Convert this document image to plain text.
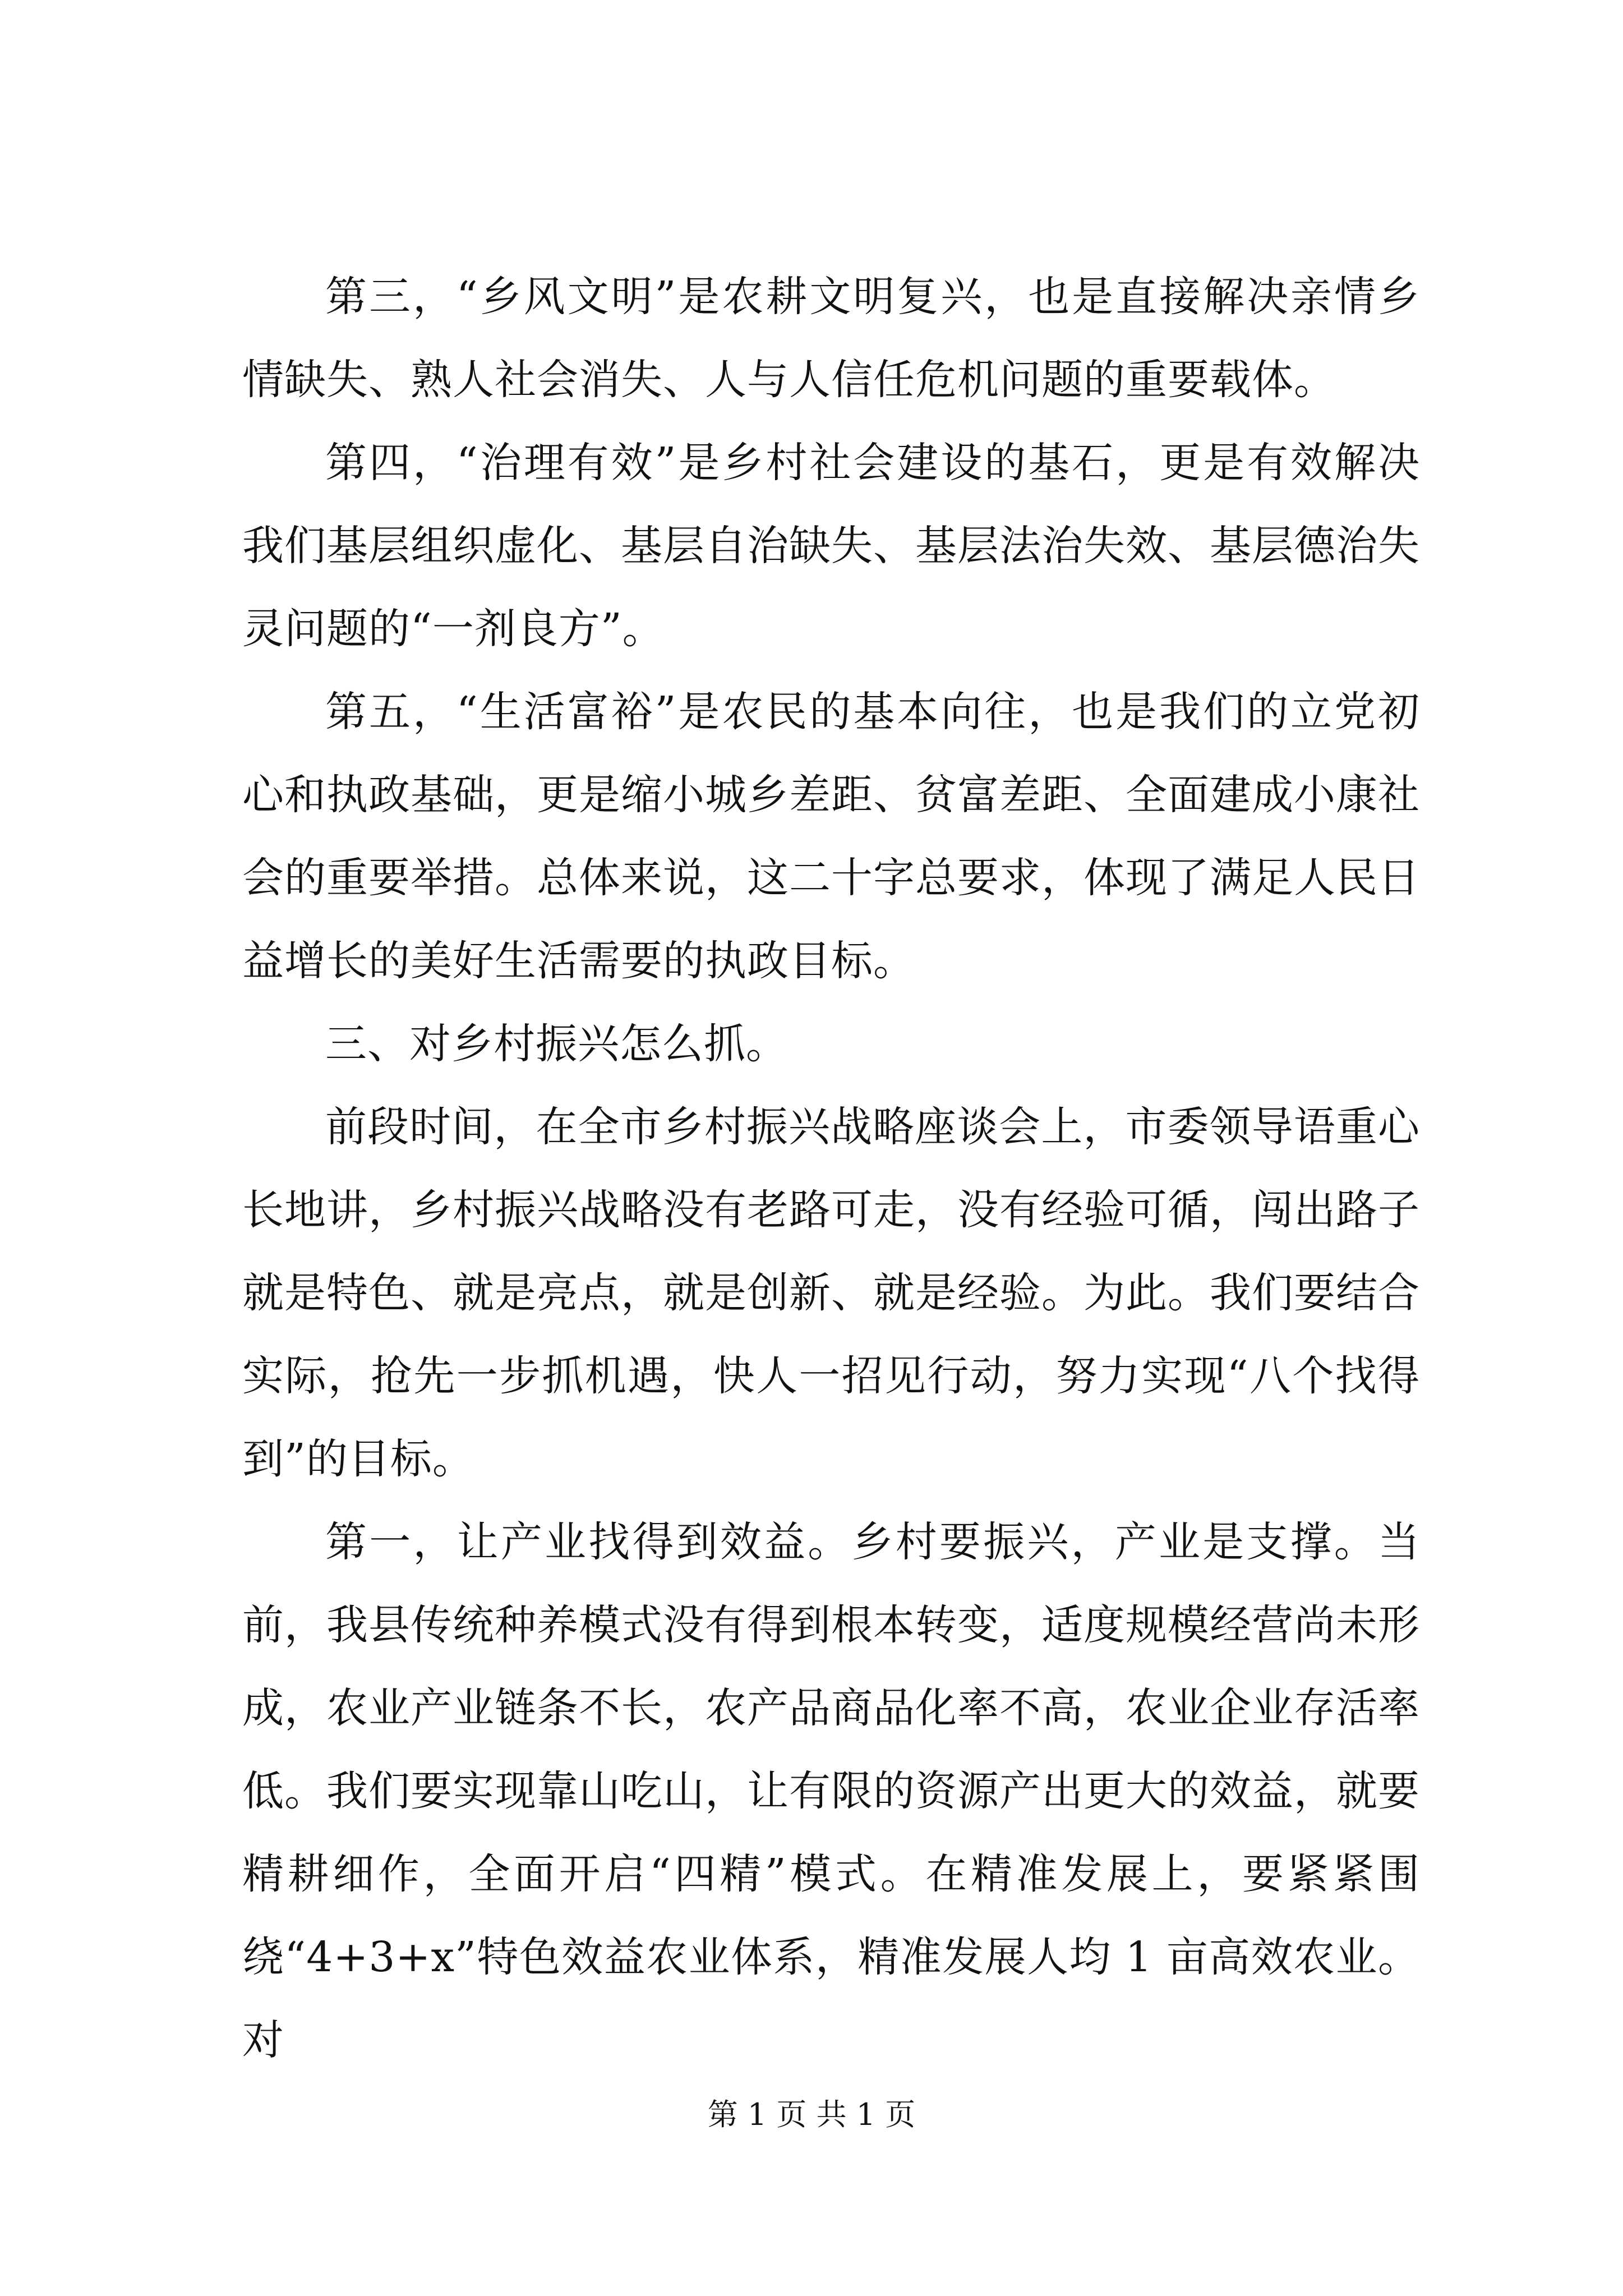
第三，“乡风文明”是农耕文明复兴，也是直接解决亲情乡情缺失、熟人社会消失、人与人信任危机问题的重要载体。

第四，“治理有效”是乡村社会建设的基石，更是有效解决我们基层组织虚化、基层自治缺失、基层法治失效、基层德治失灵问题的“一剂良方”。

第五，“生活富裕”是农民的基本向往，也是我们的立党初心和执政基础，更是缩小城乡差距、贫富差距、全面建成小康社会的重要举措。总体来说，这二十字总要求，体现了满足人民日益增长的美好生活需要的执政目标。

三、对乡村振兴怎么抓。

前段时间，在全市乡村振兴战略座谈会上，市委领导语重心长地讲，乡村振兴战略没有老路可走，没有经验可循，闯出路子就是特色、就是亮点，就是创新、就是经验。为此。我们要结合实际，抢先一步抓机遇，快人一招见行动，努力实现“八个找得到”的目标。

第一，让产业找得到效益。乡村要振兴，产业是支撑。当前，我县传统种养模式没有得到根本转变，适度规模经营尚未形成，农业产业链条不长，农产品商品化率不高，农业企业存活率低。我们要实现靠山吃山，让有限的资源产出更大的效益，就要精耕细作，全面开启“四精”模式。在精准发展上，要紧紧围绕“4+3+x”特色效益农业体系，精准发展人均 1 亩高效农业。对

第 1 页 共 1 页
